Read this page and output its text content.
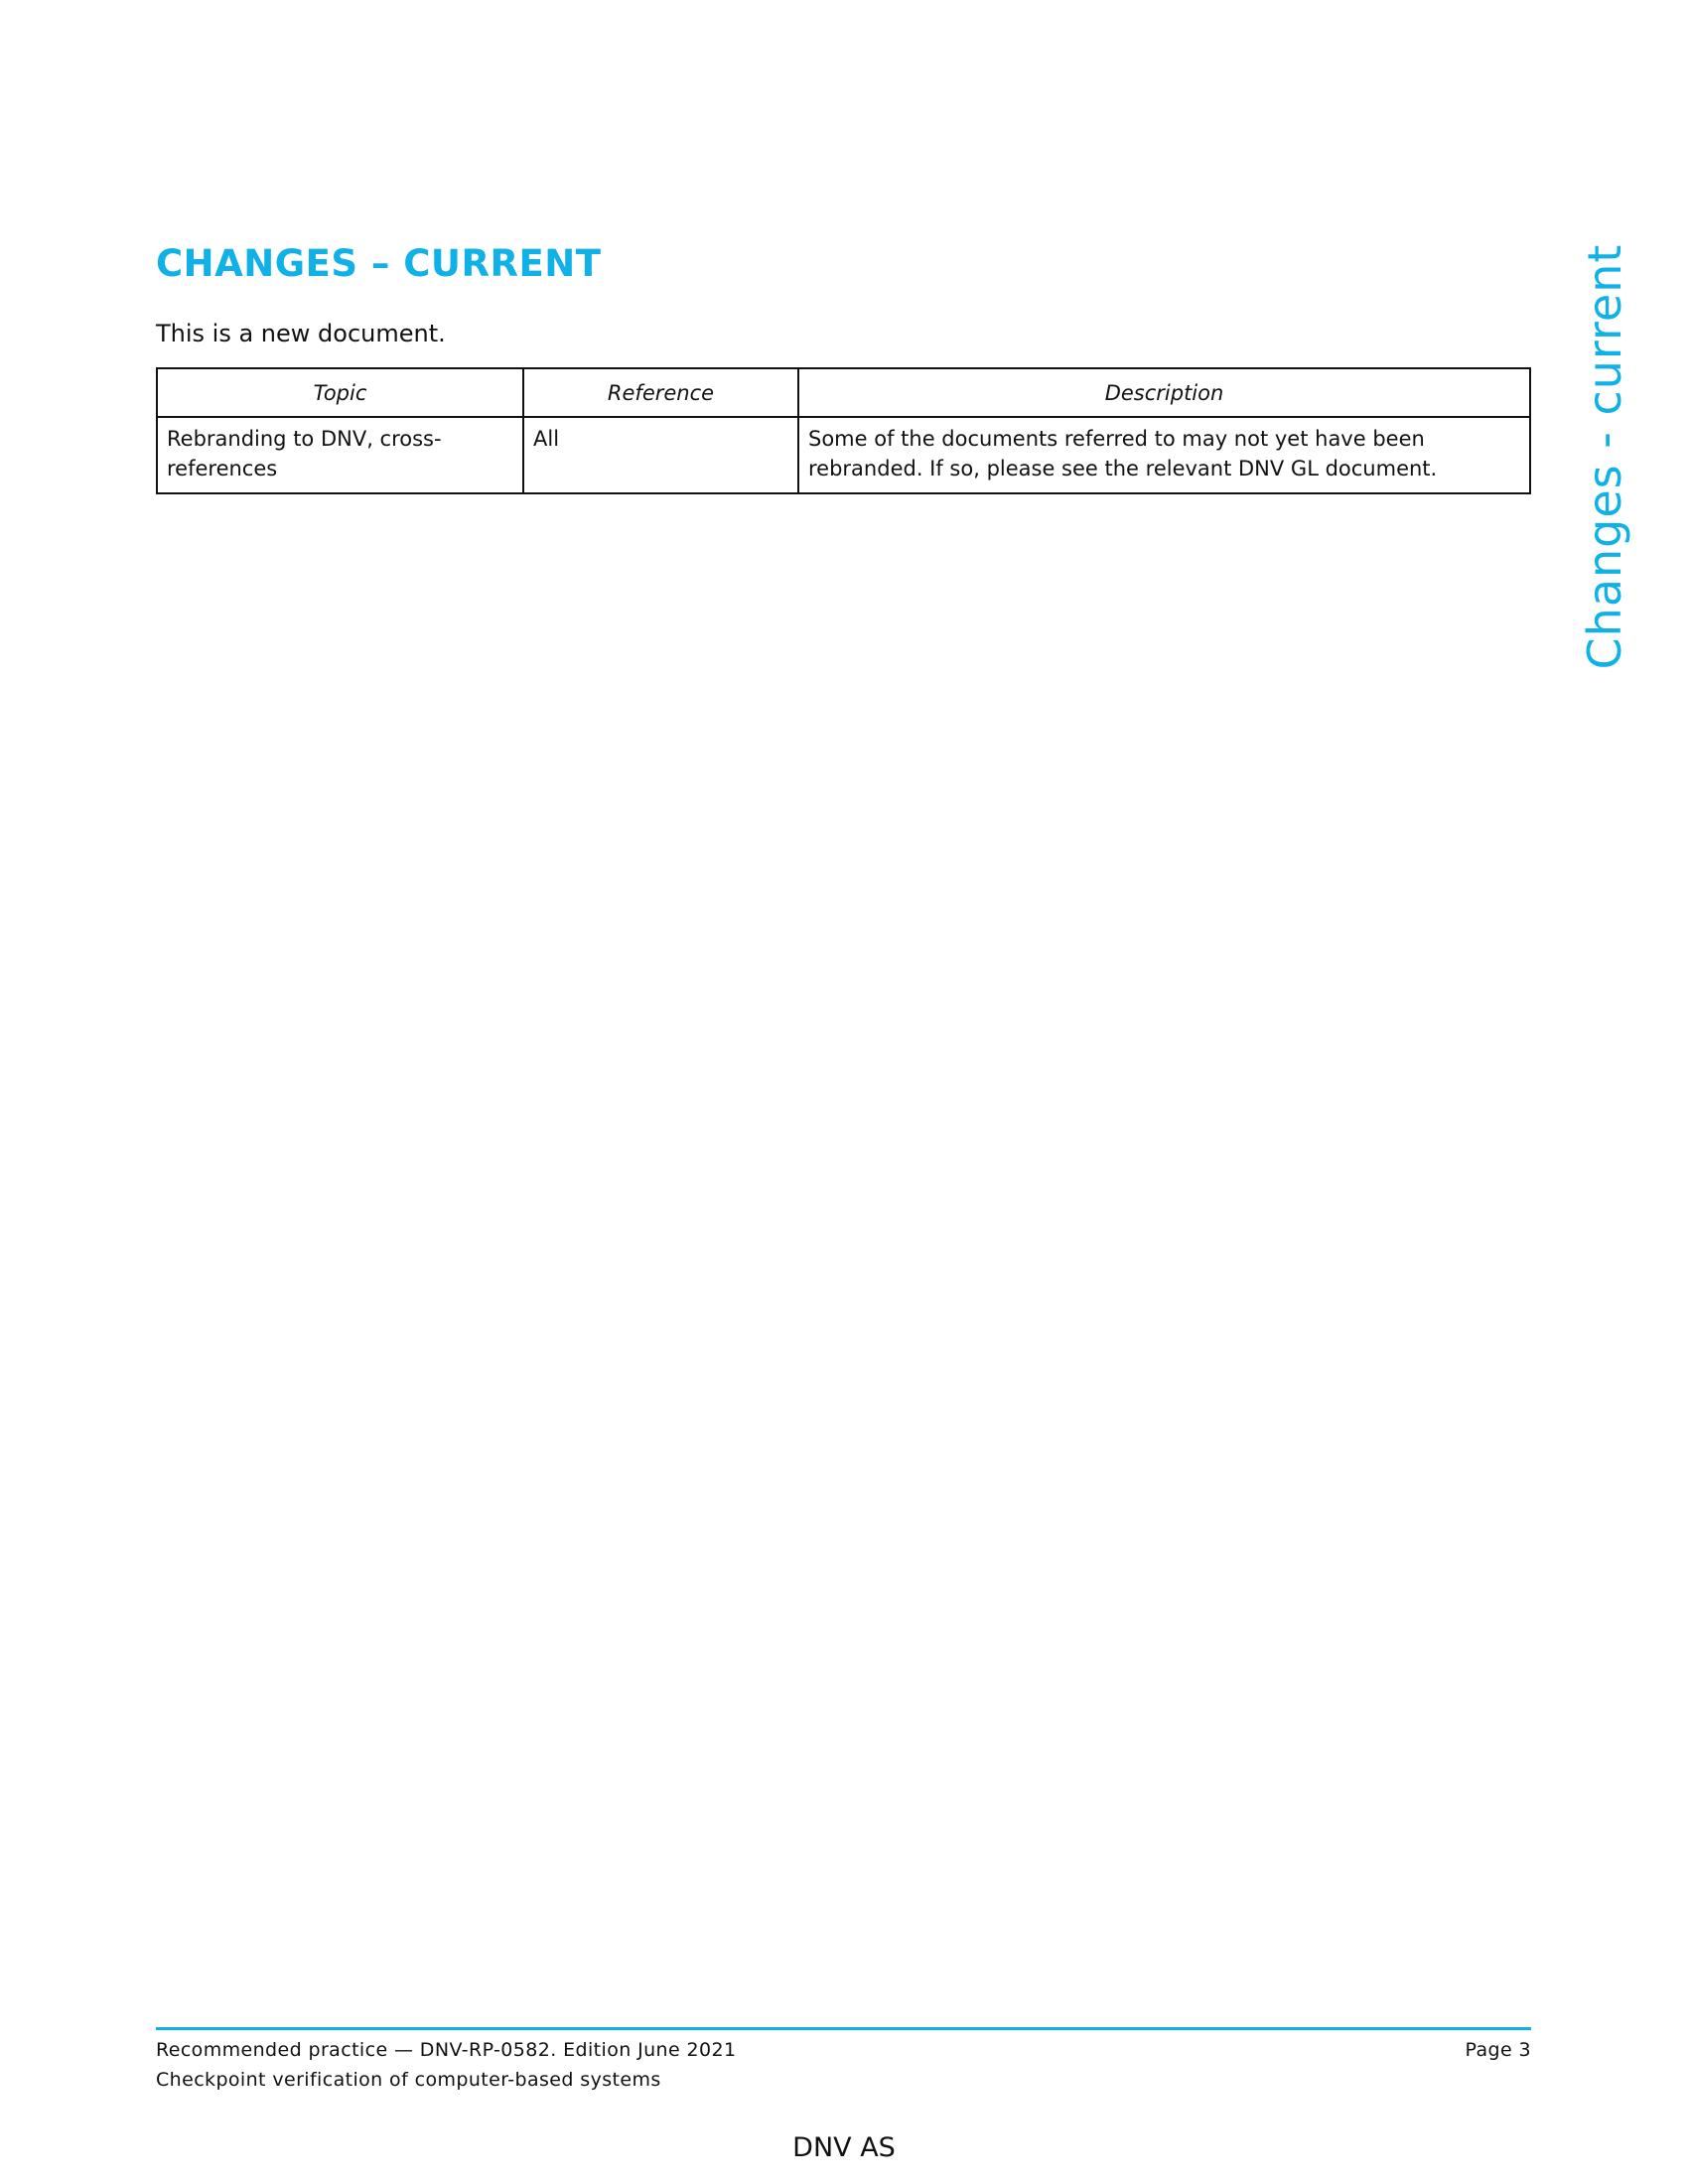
CHANGES – CURRENT

This is a new document.

Topic	Reference	Description
Rebranding to DNV, cross-references	All	Some of the documents referred to may not yet have been rebranded. If so, please see the relevant DNV GL document.	Changes - current
Recommended practice — DNV-RP-0582. Edition June 2021
Checkpoint verification of computer-based systems
Page 3
DNV AS
